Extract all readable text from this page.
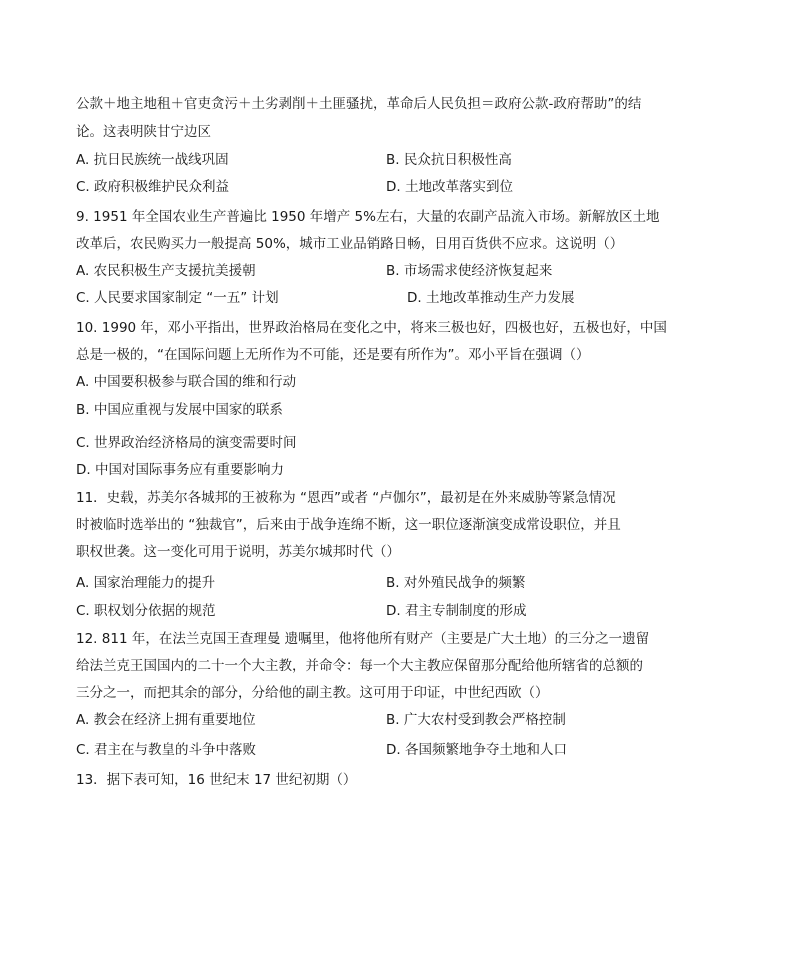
公款＋地主地租＋官吏贪污＋土劣剥削＋土匪骚扰，革命后人民负担＝政府公款-政府帮助”的结
论。这表明陕甘宁边区
A. 抗日民族统一战线巩固	B. 民众抗日积极性高
C. 政府积极维护民众利益	D. 土地改革落实到位
9. 1951 年全国农业生产普遍比 1950 年增产 5%左右，大量的农副产品流入市场。新解放区土地
改革后，农民购买力一般提高 50%，城市工业品销路日畅，日用百货供不应求。这说明（）
A. 农民积极生产支援抗美援朝	B. 市场需求使经济恢复起来
C. 人民要求国家制定 “一五” 计划	D. 土地改革推动生产力发展
10. 1990 年，邓小平指出，世界政治格局在变化之中，将来三极也好，四极也好，五极也好，中国
总是一极的，“在国际问题上无所作为不可能，还是要有所作为”。邓小平旨在强调（）
A. 中国要积极参与联合国的维和行动
B. 中国应重视与发展中国家的联系
C. 世界政治经济格局的演变需要时间
D. 中国对国际事务应有重要影响力
11．史载，苏美尔各城邦的王被称为 “恩西”或者 “卢伽尔”，最初是在外来威胁等紧急情况
时被临时选举出的 “独裁官”，后来由于战争连绵不断，这一职位逐渐演变成常设职位，并且
职权世袭。这一变化可用于说明，苏美尔城邦时代（）
A. 国家治理能力的提升	B. 对外殖民战争的频繁
C. 职权划分依据的规范	D. 君主专制制度的形成
12. 811 年，在法兰克国王查理曼 遗嘱里，他将他所有财产（主要是广大土地）的三分之一遗留
给法兰克王国国内的二十一个大主教，并命令：每一个大主教应保留那分配给他所辖省的总额的
三分之一，而把其余的部分，分给他的副主教。这可用于印证，中世纪西欧（）
A. 教会在经济上拥有重要地位	B. 广大农村受到教会严格控制
C. 君主在与教皇的斗争中落败	D. 各国频繁地争夺土地和人口
13．据下表可知，16 世纪末 17 世纪初期（）
